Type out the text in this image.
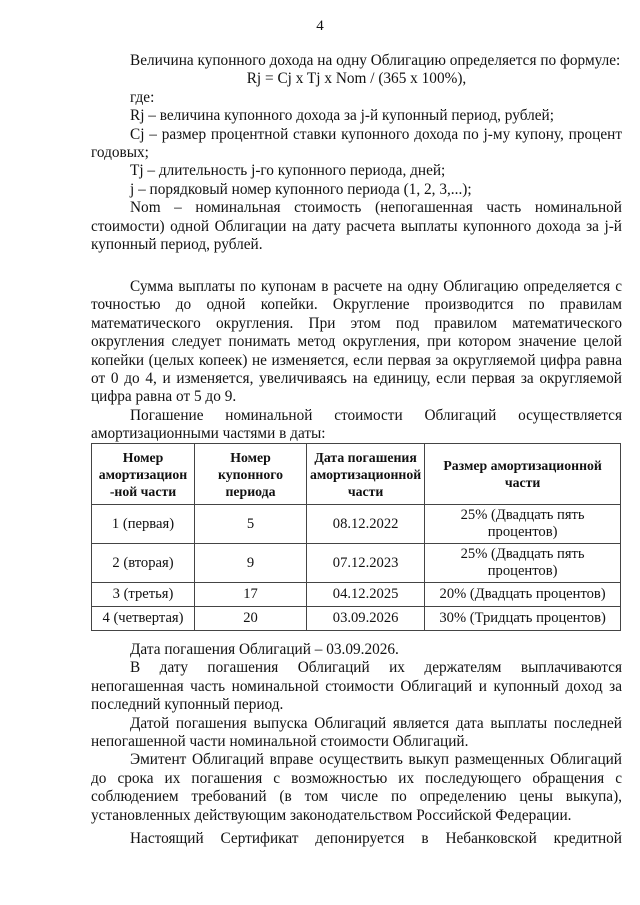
4

Величина купонного дохода на одну Облигацию определяется по формуле:

Rj = Cj x Tj x Nom / (365 x 100%),

где:

Rj – величина купонного дохода за j-й купонный период, рублей;

Cj – размер процентной ставки купонного дохода по j-му купону, процент годовых;

Tj – длительность j-го купонного периода, дней;

j – порядковый номер купонного периода (1, 2, 3,...);

Nom – номинальная стоимость (непогашенная часть номинальной стоимости) одной Облигации на дату расчета выплаты купонного дохода за j-й купонный период, рублей.

Сумма выплаты по купонам в расчете на одну Облигацию определяется с точностью до одной копейки. Округление производится по правилам математического округления. При этом под правилом математического округления следует понимать метод округления, при котором значение целой копейки (целых копеек) не изменяется, если первая за округляемой цифра равна от 0 до 4, и изменяется, увеличиваясь на единицу, если первая за округляемой цифра равна от 5 до 9.

Погашение номинальной стоимости Облигаций осуществляется амортизационными частями в даты:

Номер амортизацион -ной части	Номер купонного периода	Дата погашения амортизационной части	Размер амортизационной части
1 (первая)	5	08.12.2022	25% (Двадцать пять процентов)
2 (вторая)	9	07.12.2023	25% (Двадцать пять процентов)
3 (третья)	17	04.12.2025	20% (Двадцать процентов)
4 (четвертая)	20	03.09.2026	30% (Тридцать процентов)

Дата погашения Облигаций – 03.09.2026.

В дату погашения Облигаций их держателям выплачиваются непогашенная часть номинальной стоимости Облигаций и купонный доход за последний купонный период.

Датой погашения выпуска Облигаций является дата выплаты последней непогашенной части номинальной стоимости Облигаций.

Эмитент Облигаций вправе осуществить выкуп размещенных Облигаций до срока их погашения с возможностью их последующего обращения с соблюдением требований (в том числе по определению цены выкупа), установленных действующим законодательством Российской Федерации.

Настоящий Сертификат депонируется в Небанковской кредитной
